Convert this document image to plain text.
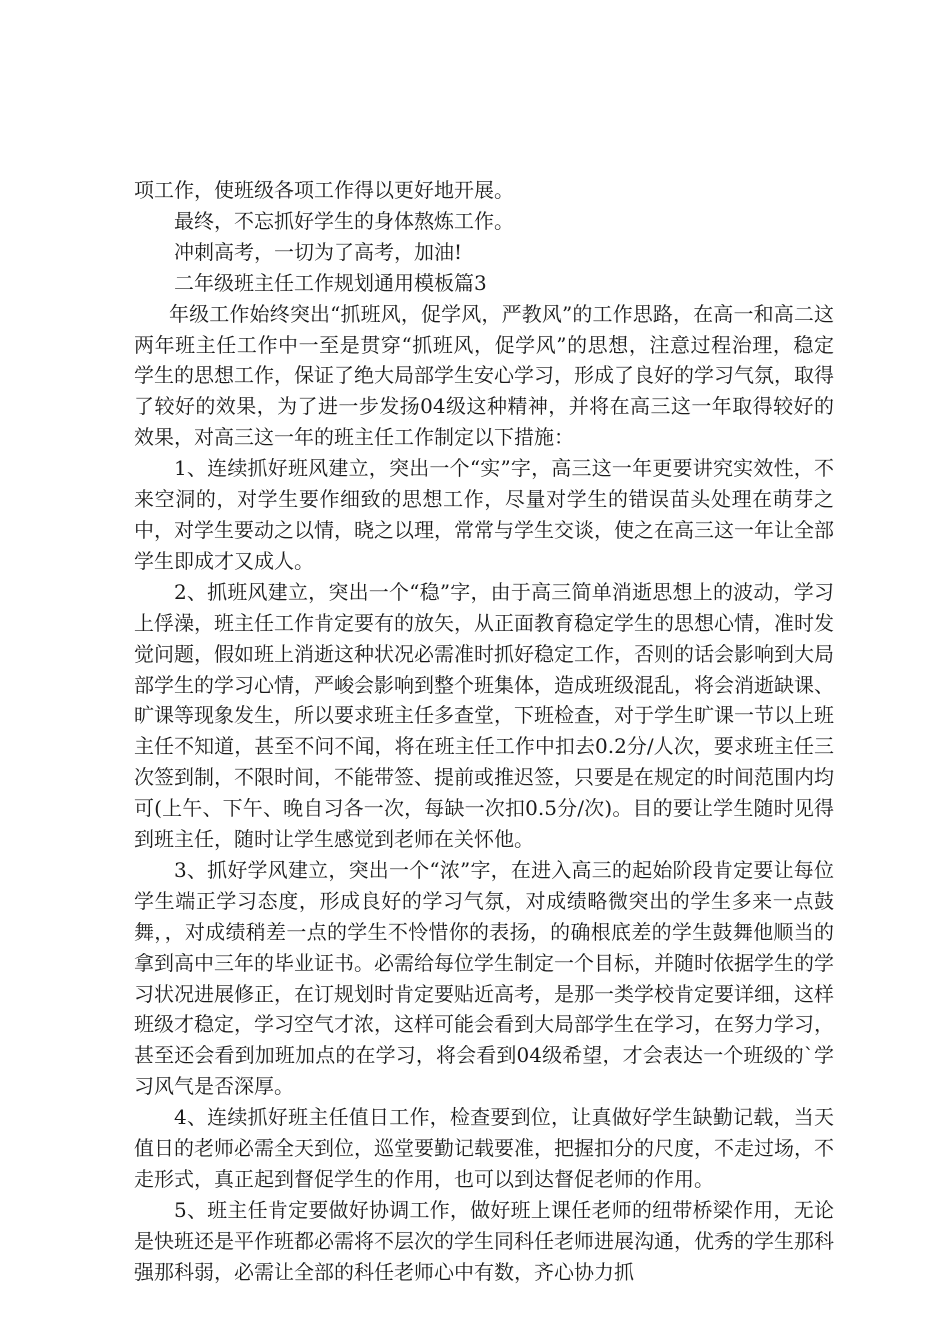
项工作，使班级各项工作得以更好地开展。

最终，不忘抓好学生的身体熬炼工作。

冲刺高考，一切为了高考，加油!

二年级班主任工作规划通用模板篇3

年级工作始终突出“抓班风，促学风，严教风”的工作思路，在高一和高二这两年班主任工作中一至是贯穿“抓班风，促学风”的思想，注意过程治理，稳定学生的思想工作，保证了绝大局部学生安心学习，形成了良好的学习气氛，取得了较好的效果，为了进一步发扬04级这种精神，并将在高三这一年取得较好的效果，对高三这一年的班主任工作制定以下措施：

1、连续抓好班风建立，突出一个“实”字，高三这一年更要讲究实效性，不来空洞的，对学生要作细致的思想工作，尽量对学生的错误苗头处理在萌芽之中，对学生要动之以情，晓之以理，常常与学生交谈，使之在高三这一年让全部学生即成才又成人。

2、抓班风建立，突出一个“稳”字，由于高三简单消逝思想上的波动，学习上俘澡，班主任工作肯定要有的放矢，从正面教育稳定学生的思想心情，准时发觉问题，假如班上消逝这种状况必需准时抓好稳定工作，否则的话会影响到大局部学生的学习心情，严峻会影响到整个班集体，造成班级混乱，将会消逝缺课、旷课等现象发生，所以要求班主任多查堂，下班检查，对于学生旷课一节以上班主任不知道，甚至不问不闻，将在班主任工作中扣去0.2分/人次，要求班主任三次签到制，不限时间，不能带签、提前或推迟签，只要是在规定的时间范围内均可(上午、下午、晚自习各一次，每缺一次扣0.5分/次)。目的要让学生随时见得到班主任，随时让学生感觉到老师在关怀他。

3、抓好学风建立，突出一个“浓”字，在进入高三的起始阶段肯定要让每位学生端正学习态度，形成良好的学习气氛，对成绩略微突出的学生多来一点鼓舞，，对成绩稍差一点的学生不怜惜你的表扬，的确根底差的学生鼓舞他顺当的拿到高中三年的毕业证书。必需给每位学生制定一个目标，并随时依据学生的学习状况进展修正，在订规划时肯定要贴近高考，是那一类学校肯定要详细，这样班级才稳定，学习空气才浓，这样可能会看到大局部学生在学习，在努力学习，甚至还会看到加班加点的在学习，将会看到04级希望，才会表达一个班级的`学习风气是否深厚。

4、连续抓好班主任值日工作，检查要到位，让真做好学生缺勤记载，当天值日的老师必需全天到位，巡堂要勤记载要准，把握扣分的尺度，不走过场，不走形式，真正起到督促学生的作用，也可以到达督促老师的作用。

5、班主任肯定要做好协调工作，做好班上课任老师的纽带桥梁作用，无论是快班还是平作班都必需将不层次的学生同科任老师进展沟通，优秀的学生那科强那科弱，必需让全部的科任老师心中有数，齐心协力抓
